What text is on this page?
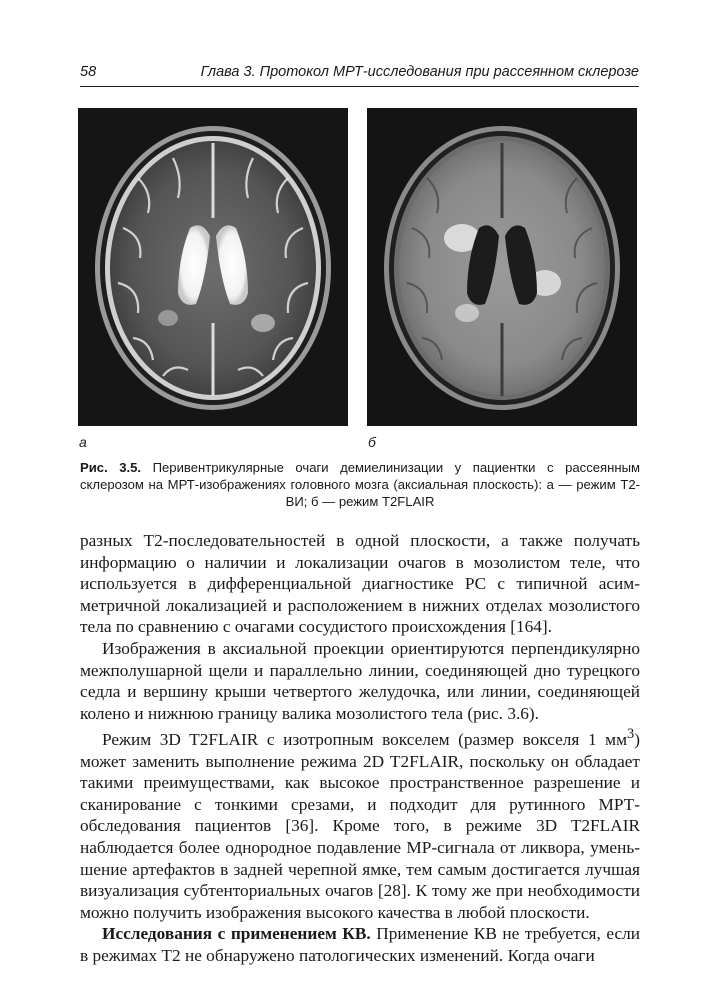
58	Глава 3. Протокол МРТ-исследования при рассеянном склерозе
а	б
Рис. 3.5. Перивентрикулярные очаги демиелинизации у пациентки с рассеянным склерозом на МРТ-изображениях головного мозга (аксиальная плоскость): а — режим T2-ВИ; б — режим T2FLAIR

разных T2-последовательностей в одной плоскости, а также получать информацию о наличии и локализации очагов в мозолистом теле, что используется в дифференциальной диагностике РС с типичной асимметричной локализацией и расположением в нижних отделах мозолистого тела по сравнению с очагами сосудистого происхождения [164].

Изображения в аксиальной проекции ориентируются перпендикулярно межполушарной щели и параллельно линии, соединяющей дно турецкого седла и вершину крыши четвертого желудочка, или линии, соединяющей колено и нижнюю границу валика мозолистого тела (рис. 3.6).

Режим 3D T2FLAIR с изотропным вокселем (размер вокселя 1 $мм^3$) может заменить выполнение режима 2D T2FLAIR, поскольку он обладает такими преимуществами, как высокое пространственное разрешение и сканирование с тонкими срезами, и подходит для рутинного МРТ-обследования пациентов [36]. Кроме того, в режиме 3D T2FLAIR наблюдается более однородное подавление МР-сигнала от ликвора, уменьшение артефактов в задней черепной ямке, тем самым достигается лучшая визуализация субтенториальных очагов [28]. К тому же при необходимости можно получить изображения высокого качества в любой плоскости.

Исследования с применением КВ. Применение КВ не требуется, если в режимах T2 не обнаружено патологических изменений. Когда очаги
